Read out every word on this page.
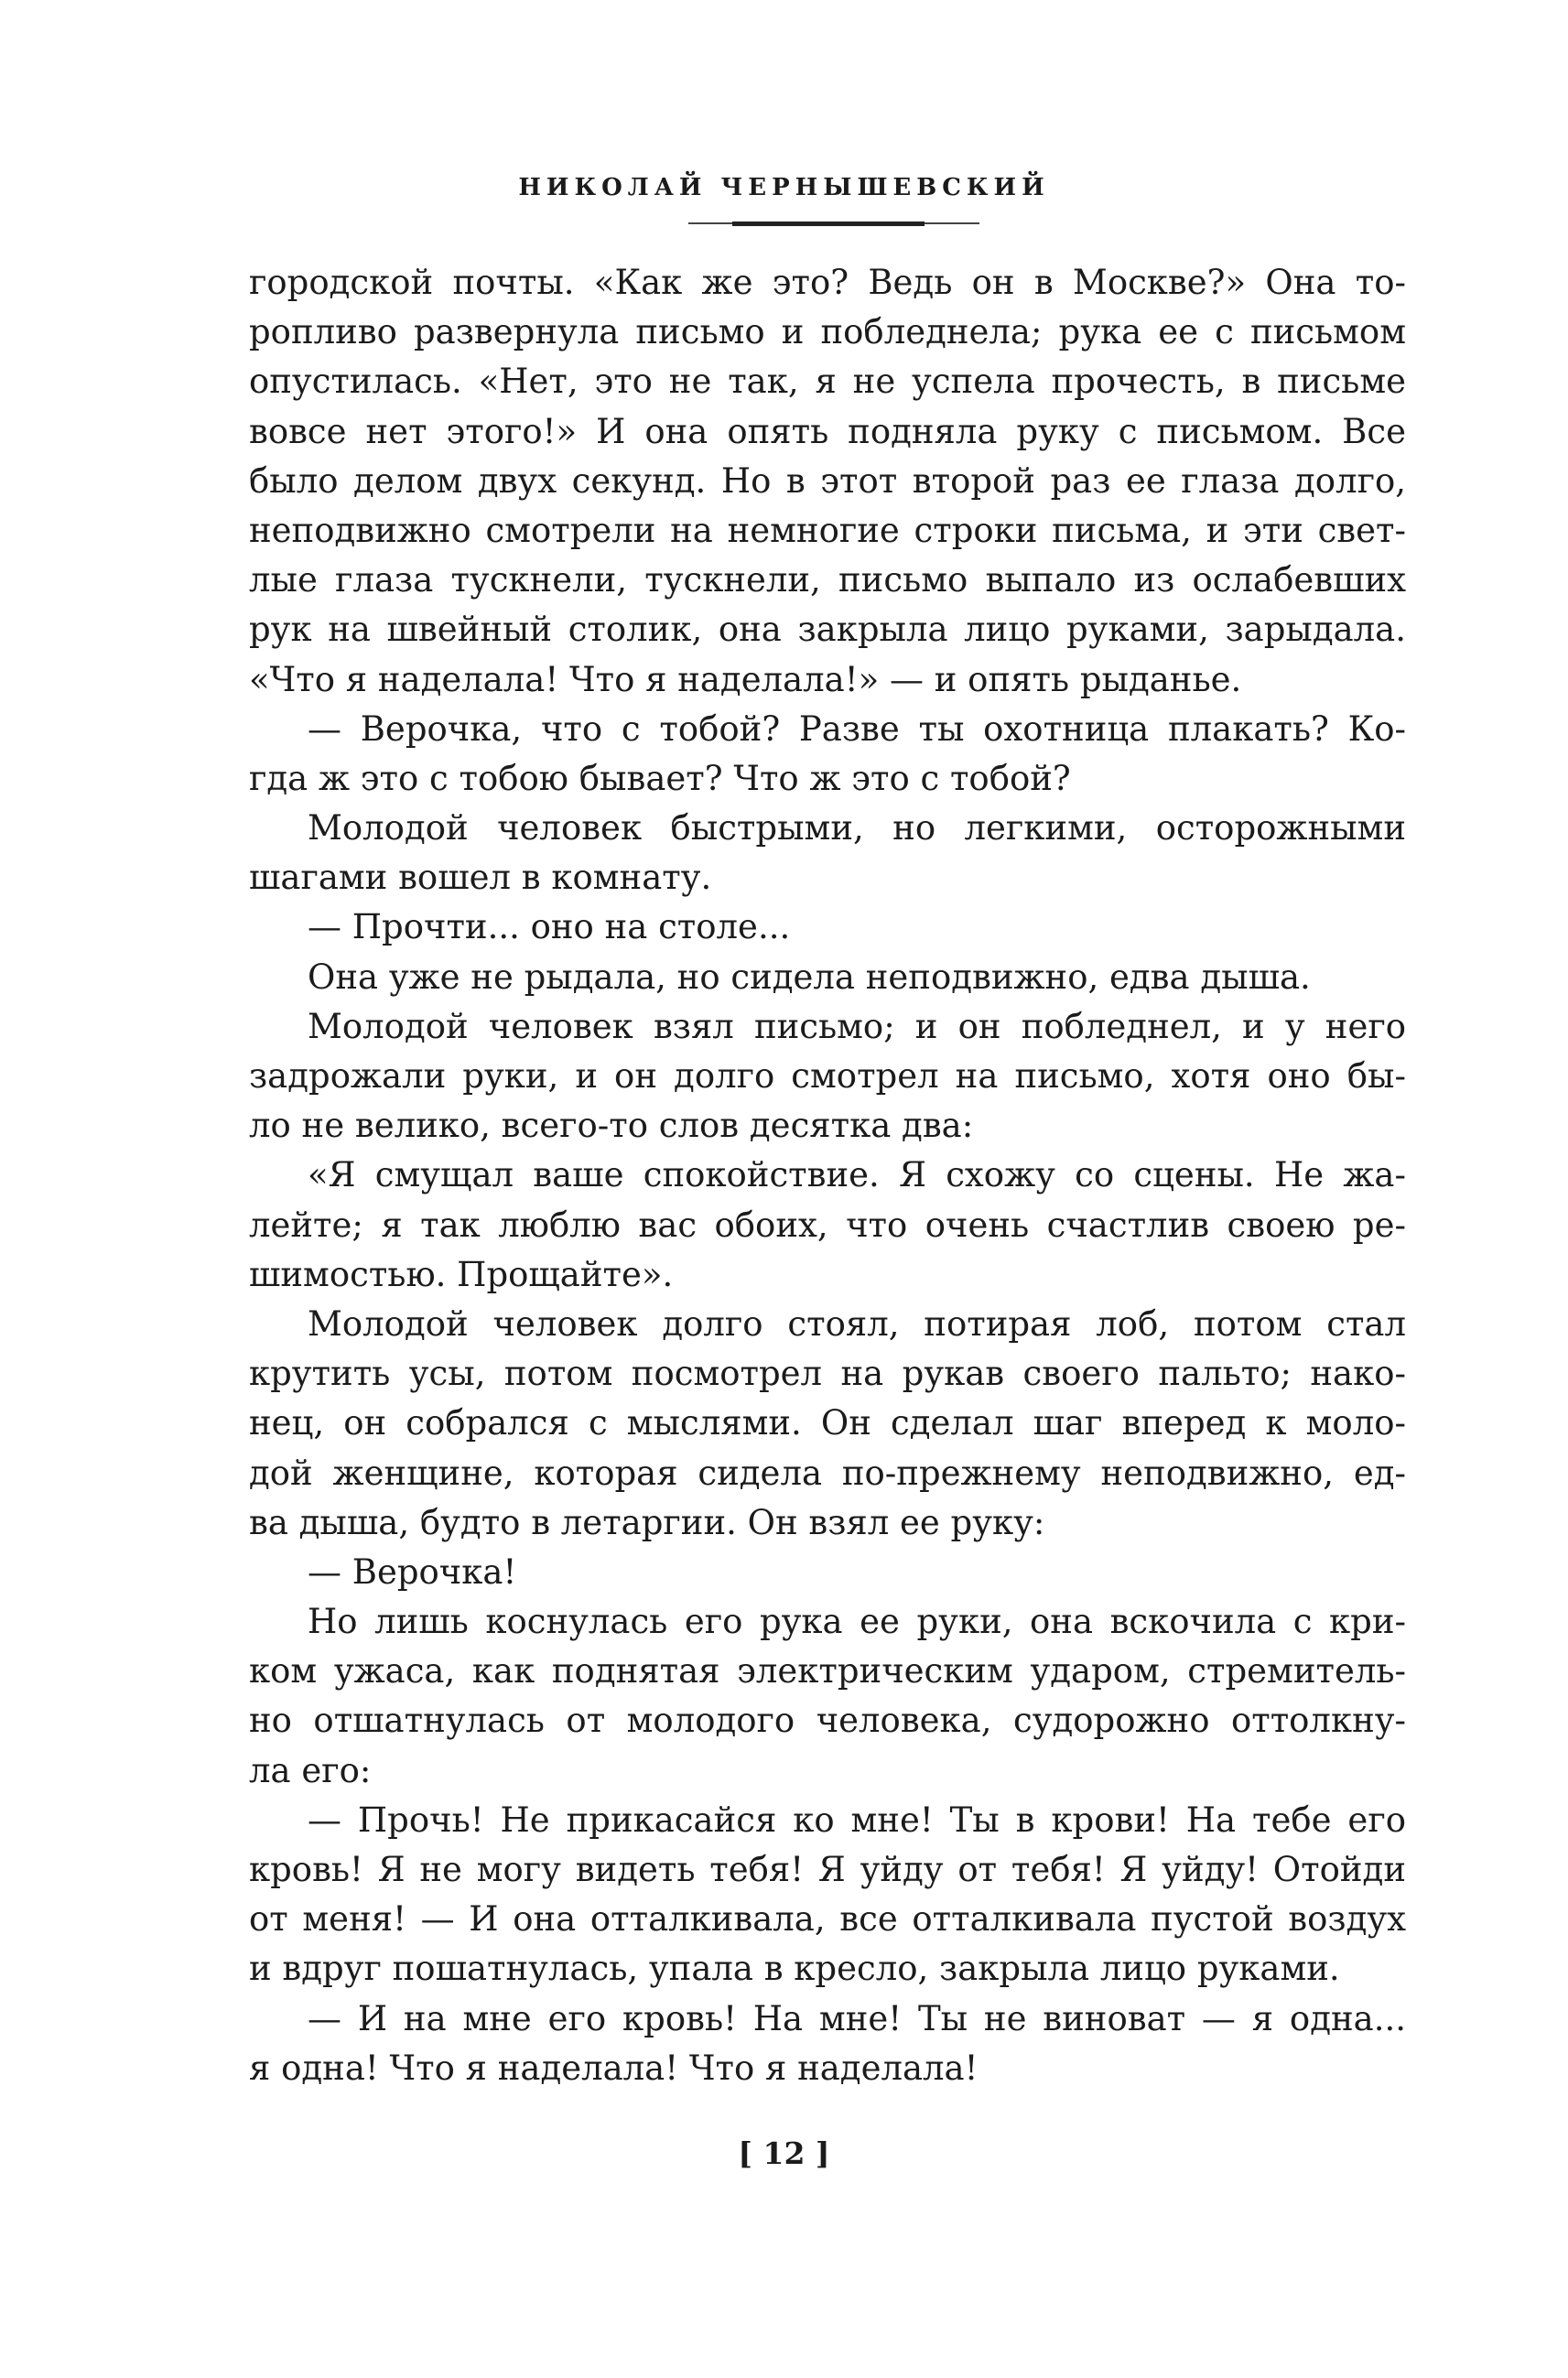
НИКОЛАЙ ЧЕРНЫШЕВСКИЙ
городской почты. «Как же это? Ведь он в Москве?» Она то-
ропливо развернула письмо и побледнела; рука ее с письмом
опустилась. «Нет, это не так, я не успела прочесть, в письме
вовсе нет этого!» И она опять подняла руку с письмом. Все
было делом двух секунд. Но в этот второй раз ее глаза долго,
неподвижно смотрели на немногие строки письма, и эти свет-
лые глаза тускнели, тускнели, письмо выпало из ослабевших
рук на швейный столик, она закрыла лицо руками, зарыдала.
«Что я наделала! Что я наделала!» — и опять рыданье.
— Верочка, что с тобой? Разве ты охотница плакать? Ко-
гда ж это с тобою бывает? Что ж это с тобой?
Молодой человек быстрыми, но легкими, осторожными
шагами вошел в комнату.
— Прочти... оно на столе...
Она уже не рыдала, но сидела неподвижно, едва дыша.
Молодой человек взял письмо; и он побледнел, и у него
задрожали руки, и он долго смотрел на письмо, хотя оно бы-
ло не велико, всего-то слов десятка два:
«Я смущал ваше спокойствие. Я схожу со сцены. Не жа-
лейте; я так люблю вас обоих, что очень счастлив своею ре-
шимостью. Прощайте».
Молодой человек долго стоял, потирая лоб, потом стал
крутить усы, потом посмотрел на рукав своего пальто; нако-
нец, он собрался с мыслями. Он сделал шаг вперед к моло-
дой женщине, которая сидела по-прежнему неподвижно, ед-
ва дыша, будто в летаргии. Он взял ее руку:
— Верочка!
Но лишь коснулась его рука ее руки, она вскочила с кри-
ком ужаса, как поднятая электрическим ударом, стремитель-
но отшатнулась от молодого человека, судорожно оттолкну-
ла его:
— Прочь! Не прикасайся ко мне! Ты в крови! На тебе его
кровь! Я не могу видеть тебя! Я уйду от тебя! Я уйду! Отойди
от меня! — И она отталкивала, все отталкивала пустой воздух
и вдруг пошатнулась, упала в кресло, закрыла лицо руками.
— И на мне его кровь! На мне! Ты не виноват — я одна...
я одна! Что я наделала! Что я наделала!
[ 12 ]
